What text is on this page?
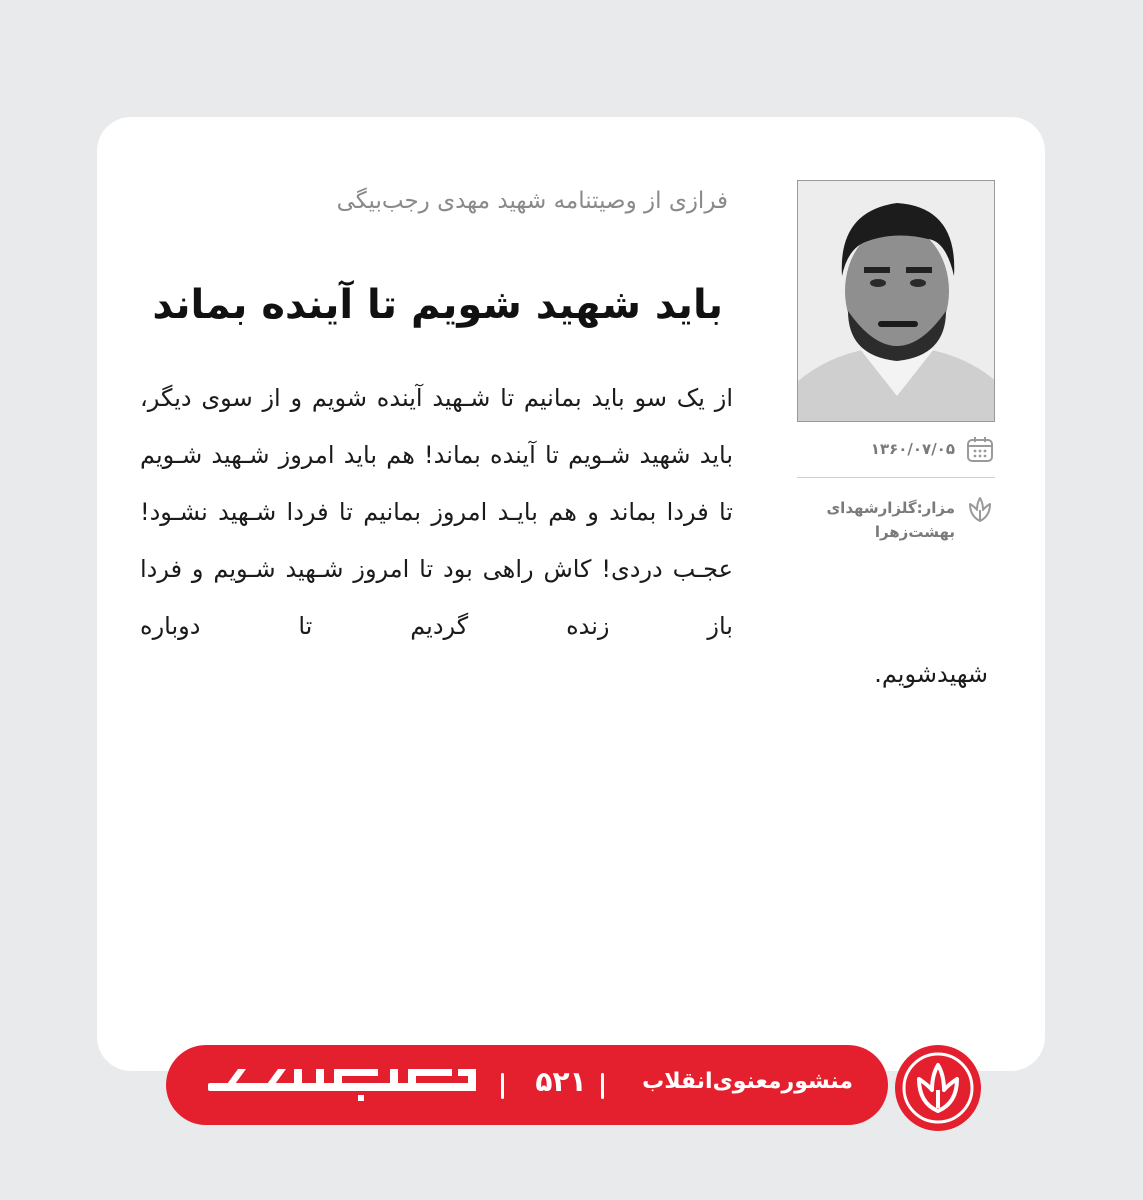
فرازی از وصیتنامه شهید مهدی رجب‌بیگی
باید شهید شویم تا آینده بماند
از یک سو باید بمانیم تا شـهید آینده شویم و از سوی دیگر، باید شهید شـویم تا آینده بماند! هم باید امروز شـهید شـویم تا فردا بماند و هم بایـد امروز بمانیم تا فردا شـهید نشـود! عجـب دردی! کاش راهی بود تا امروز شـهید شـویم و فردا باز زنده گردیم تا دوباره
شهیدشویم.
۱۳۶۰/۰۷/۰۵
مزار:گلزارشهدای
بهشت‌زهرا
۵۲۱	منشورمعنوی‌انقلاب
